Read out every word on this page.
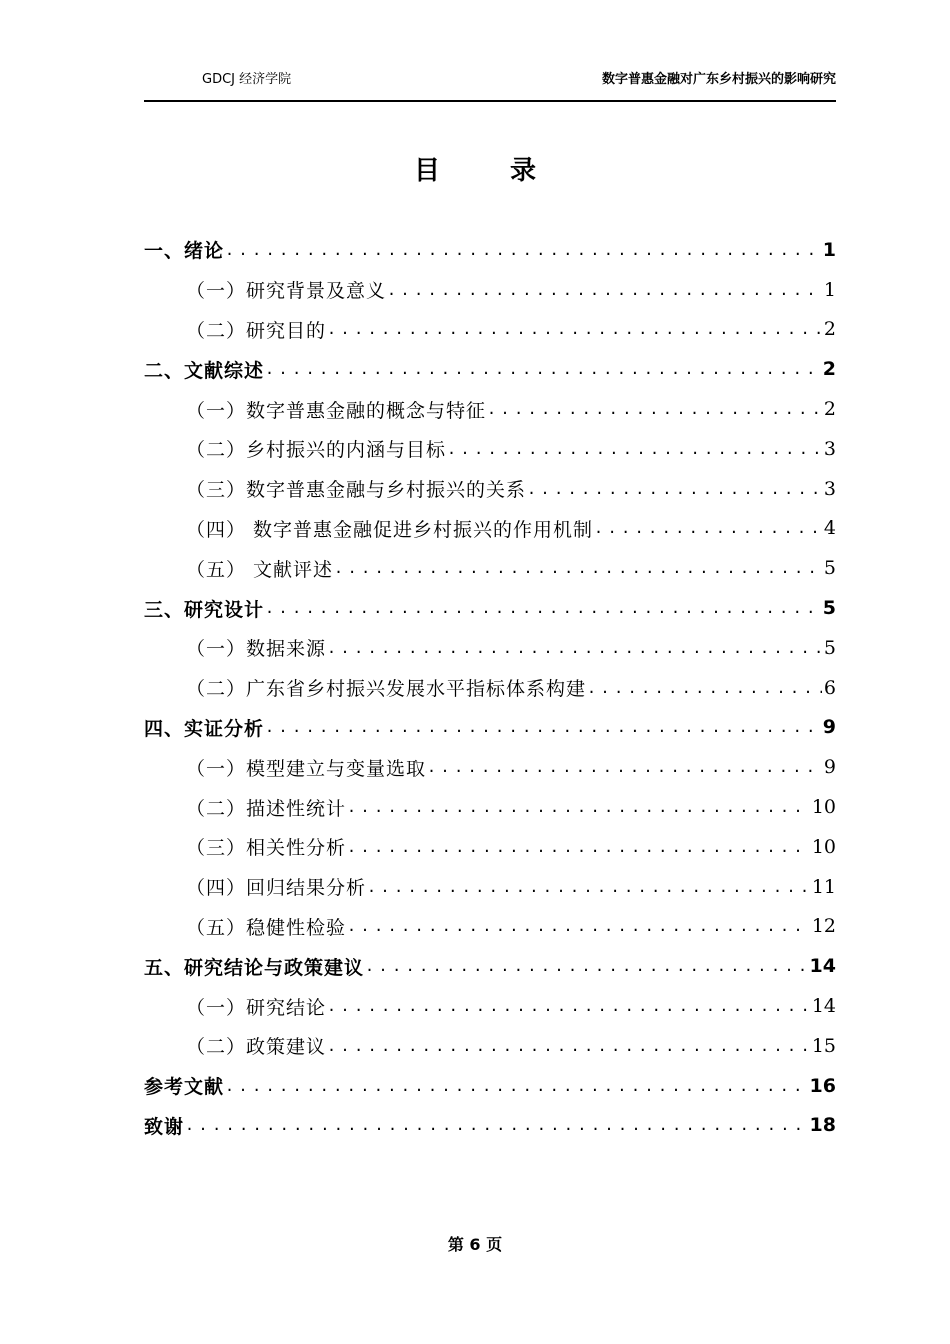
GDCJ 经济学院	数字普惠金融对广东乡村振兴的影响研究
目录
一、绪论 .....	1
（一）研究背景及意义 .....	1
（二）研究目的 .....	2
二、文献综述 .....	2
（一）数字普惠金融的概念与特征 .....	2
（二）乡村振兴的内涵与目标 .....	3
（三）数字普惠金融与乡村振兴的关系 .....	3
（四） 数字普惠金融促进乡村振兴的作用机制 .....	4
（五） 文献评述 .....	5
三、研究设计 .....	5
（一）数据来源 .....	5
（二）广东省乡村振兴发展水平指标体系构建 .....	6
四、实证分析 .....	9
（一）模型建立与变量选取 .....	9
（二）描述性统计 .....	10
（三）相关性分析 .....	10
（四）回归结果分析 .....	11
（五）稳健性检验 .....	12
五、研究结论与政策建议 .....	14
（一）研究结论 .....	14
（二）政策建议 .....	15
参考文献 .....	16
致谢 .....	18
第 6 页
